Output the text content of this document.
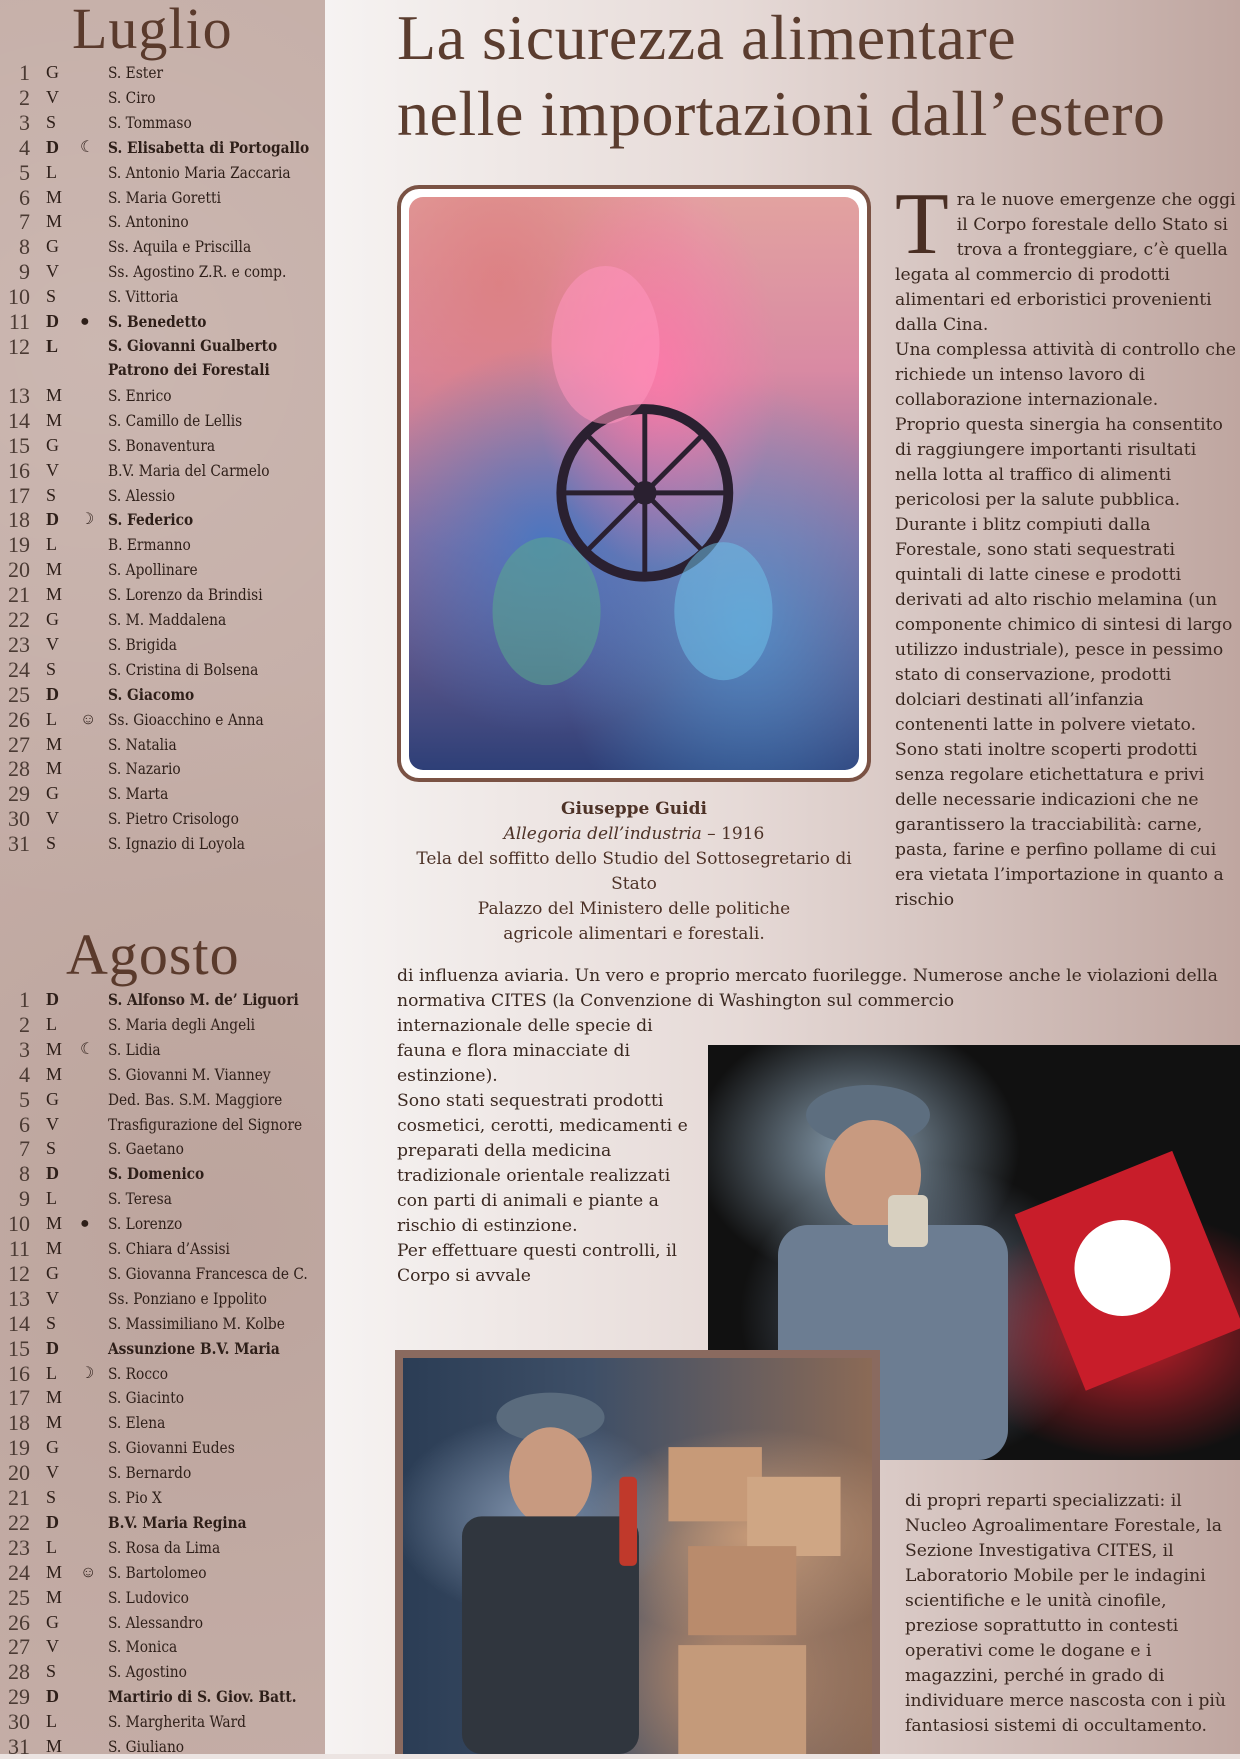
Luglio
1 G	S. Ester
2 V	S. Ciro
3 S	S. Tommaso
4 D	☾ S. Elisabetta di Portogallo
5 L	S. Antonio Maria Zaccaria
6 M	S. Maria Goretti
7 M	S. Antonino
8 G	Ss. Aquila e Priscilla
9 V	Ss. Agostino Z.R. e comp.
10 S	S. Vittoria
11 D	● S. Benedetto
12 L	S. Giovanni Gualberto
Patrono dei Forestali
13 M	S. Enrico
14 M	S. Camillo de Lellis
15 G	S. Bonaventura
16 V	B.V. Maria del Carmelo
17 S	S. Alessio
18 D	☽ S. Federico
19 L	B. Ermanno
20 M	S. Apollinare
21 M	S. Lorenzo da Brindisi
22 G	S. M. Maddalena
23 V	S. Brigida
24 S	S. Cristina di Bolsena
25 D	S. Giacomo
26 L	☺ Ss. Gioacchino e Anna
27 M	S. Natalia
28 M	S. Nazario
29 G	S. Marta
30 V	S. Pietro Crisologo
31 S	S. Ignazio di Loyola
Agosto
1 D	S. Alfonso M. de’ Liguori
2 L	S. Maria degli Angeli
3 M ☾ S. Lidia
4 M	S. Giovanni M. Vianney
5 G	Ded. Bas. S.M. Maggiore
6 V	Trasfigurazione del Signore
7 S	S. Gaetano
8 D	S. Domenico
9 L	S. Teresa
10 M ● S. Lorenzo
11 M	S. Chiara d’Assisi
12 G	S. Giovanna Francesca de C.
13 V	Ss. Ponziano e Ippolito
14 S	S. Massimiliano M. Kolbe
15 D	Assunzione B.V. Maria
16 L	☽ S. Rocco
17 M	S. Giacinto
18 M	S. Elena
19 G	S. Giovanni Eudes
20 V	S. Bernardo
21 S	S. Pio X
22 D	B.V. Maria Regina
23 L	S. Rosa da Lima
24 M ☺ S. Bartolomeo
25 M	S. Ludovico
26 G	S. Alessandro
27 V	S. Monica
28 S	S. Agostino
29 D	Martirio di S. Giov. Batt.
30 L	S. Margherita Ward
31 M	S. Giuliano
La sicurezza alimentare
nelle importazioni dall’estero
Giuseppe Guidi
Allegoria dell’industria – 1916
Tela del soffitto dello Studio del Sottosegretario di Stato
Palazzo del Ministero delle politiche
agricole alimentari e forestali.
T ra le nuove emergenze che oggi il Corpo forestale dello Stato si trova a fronteggiare, c’è quella legata al commercio di prodotti alimentari ed erboristici provenienti dalla Cina.

Una complessa attività di controllo che richiede un intenso lavoro di collaborazione internazionale.

Proprio questa sinergia ha consentito di raggiungere importanti risultati nella lotta al traffico di alimenti pericolosi per la salute pubblica.

Durante i blitz compiuti dalla Forestale, sono stati sequestrati quintali di latte cinese e prodotti derivati ad alto rischio melamina (un componente chimico di sintesi di largo utilizzo industriale), pesce in pessimo stato di conservazione, prodotti dolciari destinati all’infanzia contenenti latte in polvere vietato. Sono stati inoltre scoperti prodotti senza regolare etichettatura e privi delle necessarie indicazioni che ne garantissero la tracciabilità: carne, pasta, farine e perfino pollame di cui era vietata l’importazione in quanto a rischio

di influenza aviaria. Un vero e proprio mercato fuorilegge. Numerose anche le violazioni della normativa CITES (la Convenzione di Washington sul commercio

internazionale delle specie di fauna e flora minacciate di estinzione).

Sono stati sequestrati prodotti cosmetici, cerotti, medicamenti e preparati della medicina tradizionale orientale realizzati con parti di animali e piante a rischio di estinzione.

Per effettuare questi controlli, il Corpo si avvale

di propri reparti specializzati: il Nucleo Agroalimentare Forestale, la Sezione Investigativa CITES, il Laboratorio Mobile per le indagini scientifiche e le unità cinofile, preziose soprattutto in contesti operativi come le dogane e i magazzini, perché in grado di individuare merce nascosta con i più fantasiosi sistemi di occultamento.
